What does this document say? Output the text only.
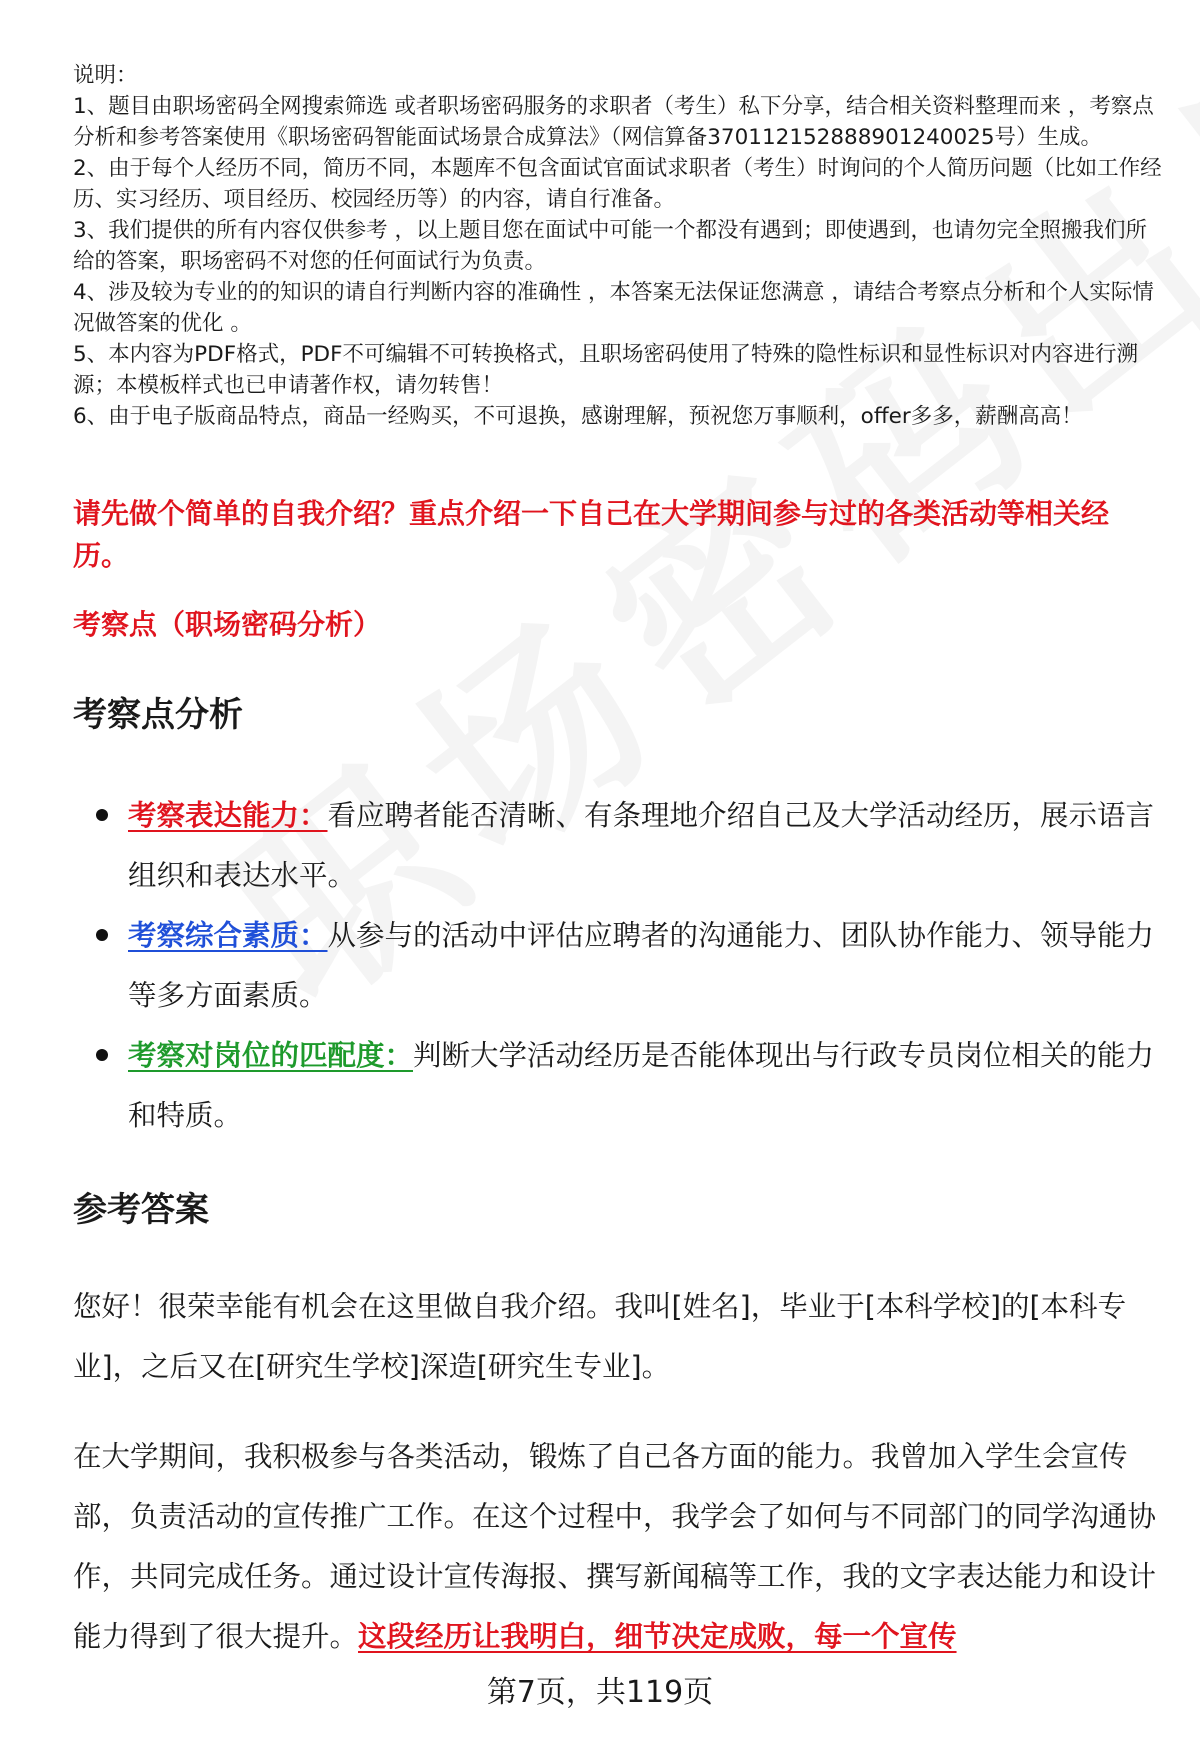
说明：

1、题目由职场密码全网搜索筛选 或者职场密码服务的求职者（考生）私下分享，结合相关资料整理而来 ，考察点分析和参考答案使用《职场密码智能面试场景合成算法》（网信算备370112152888901240025号）生成。

2、由于每个人经历不同，简历不同，本题库不包含面试官面试求职者（考生）时询问的个人简历问题（比如工作经历、实习经历、项目经历、校园经历等）的内容，请自行准备。

3、我们提供的所有内容仅供参考 ，以上题目您在面试中可能一个都没有遇到；即使遇到，也请勿完全照搬我们所给的答案，职场密码不对您的任何面试行为负责。

4、涉及较为专业的的知识的请自行判断内容的准确性 ，本答案无法保证您满意 ，请结合考察点分析和个人实际情况做答案的优化 。

5、本内容为PDF格式，PDF不可编辑不可转换格式，且职场密码使用了特殊的隐性标识和显性标识对内容进行溯源；本模板样式也已申请著作权，请勿转售！

6、由于电子版商品特点，商品一经购买，不可退换，感谢理解，预祝您万事顺利，offer多多，薪酬高高！

请先做个简单的自我介绍？重点介绍一下自己在大学期间参与过的各类活动等相关经历。
考察点（职场密码分析）
考察点分析
考察表达能力：看应聘者能否清晰、有条理地介绍自己及大学活动经历，展示语言组织和表达水平。
考察综合素质：从参与的活动中评估应聘者的沟通能力、团队协作能力、领导能力等多方面素质。
考察对岗位的匹配度：判断大学活动经历是否能体现出与行政专员岗位相关的能力和特质。
参考答案

您好！很荣幸能有机会在这里做自我介绍。我叫[姓名]，毕业于[本科学校]的[本科专业]，之后又在[研究生学校]深造[研究生专业]。

在大学期间，我积极参与各类活动，锻炼了自己各方面的能力。我曾加入学生会宣传部，负责活动的宣传推广工作。在这个过程中，我学会了如何与不同部门的同学沟通协作，共同完成任务。通过设计宣传海报、撰写新闻稿等工作，我的文字表达能力和设计能力得到了很大提升。这段经历让我明白，细节决定成败，每一个宣传

第7页，共119页
